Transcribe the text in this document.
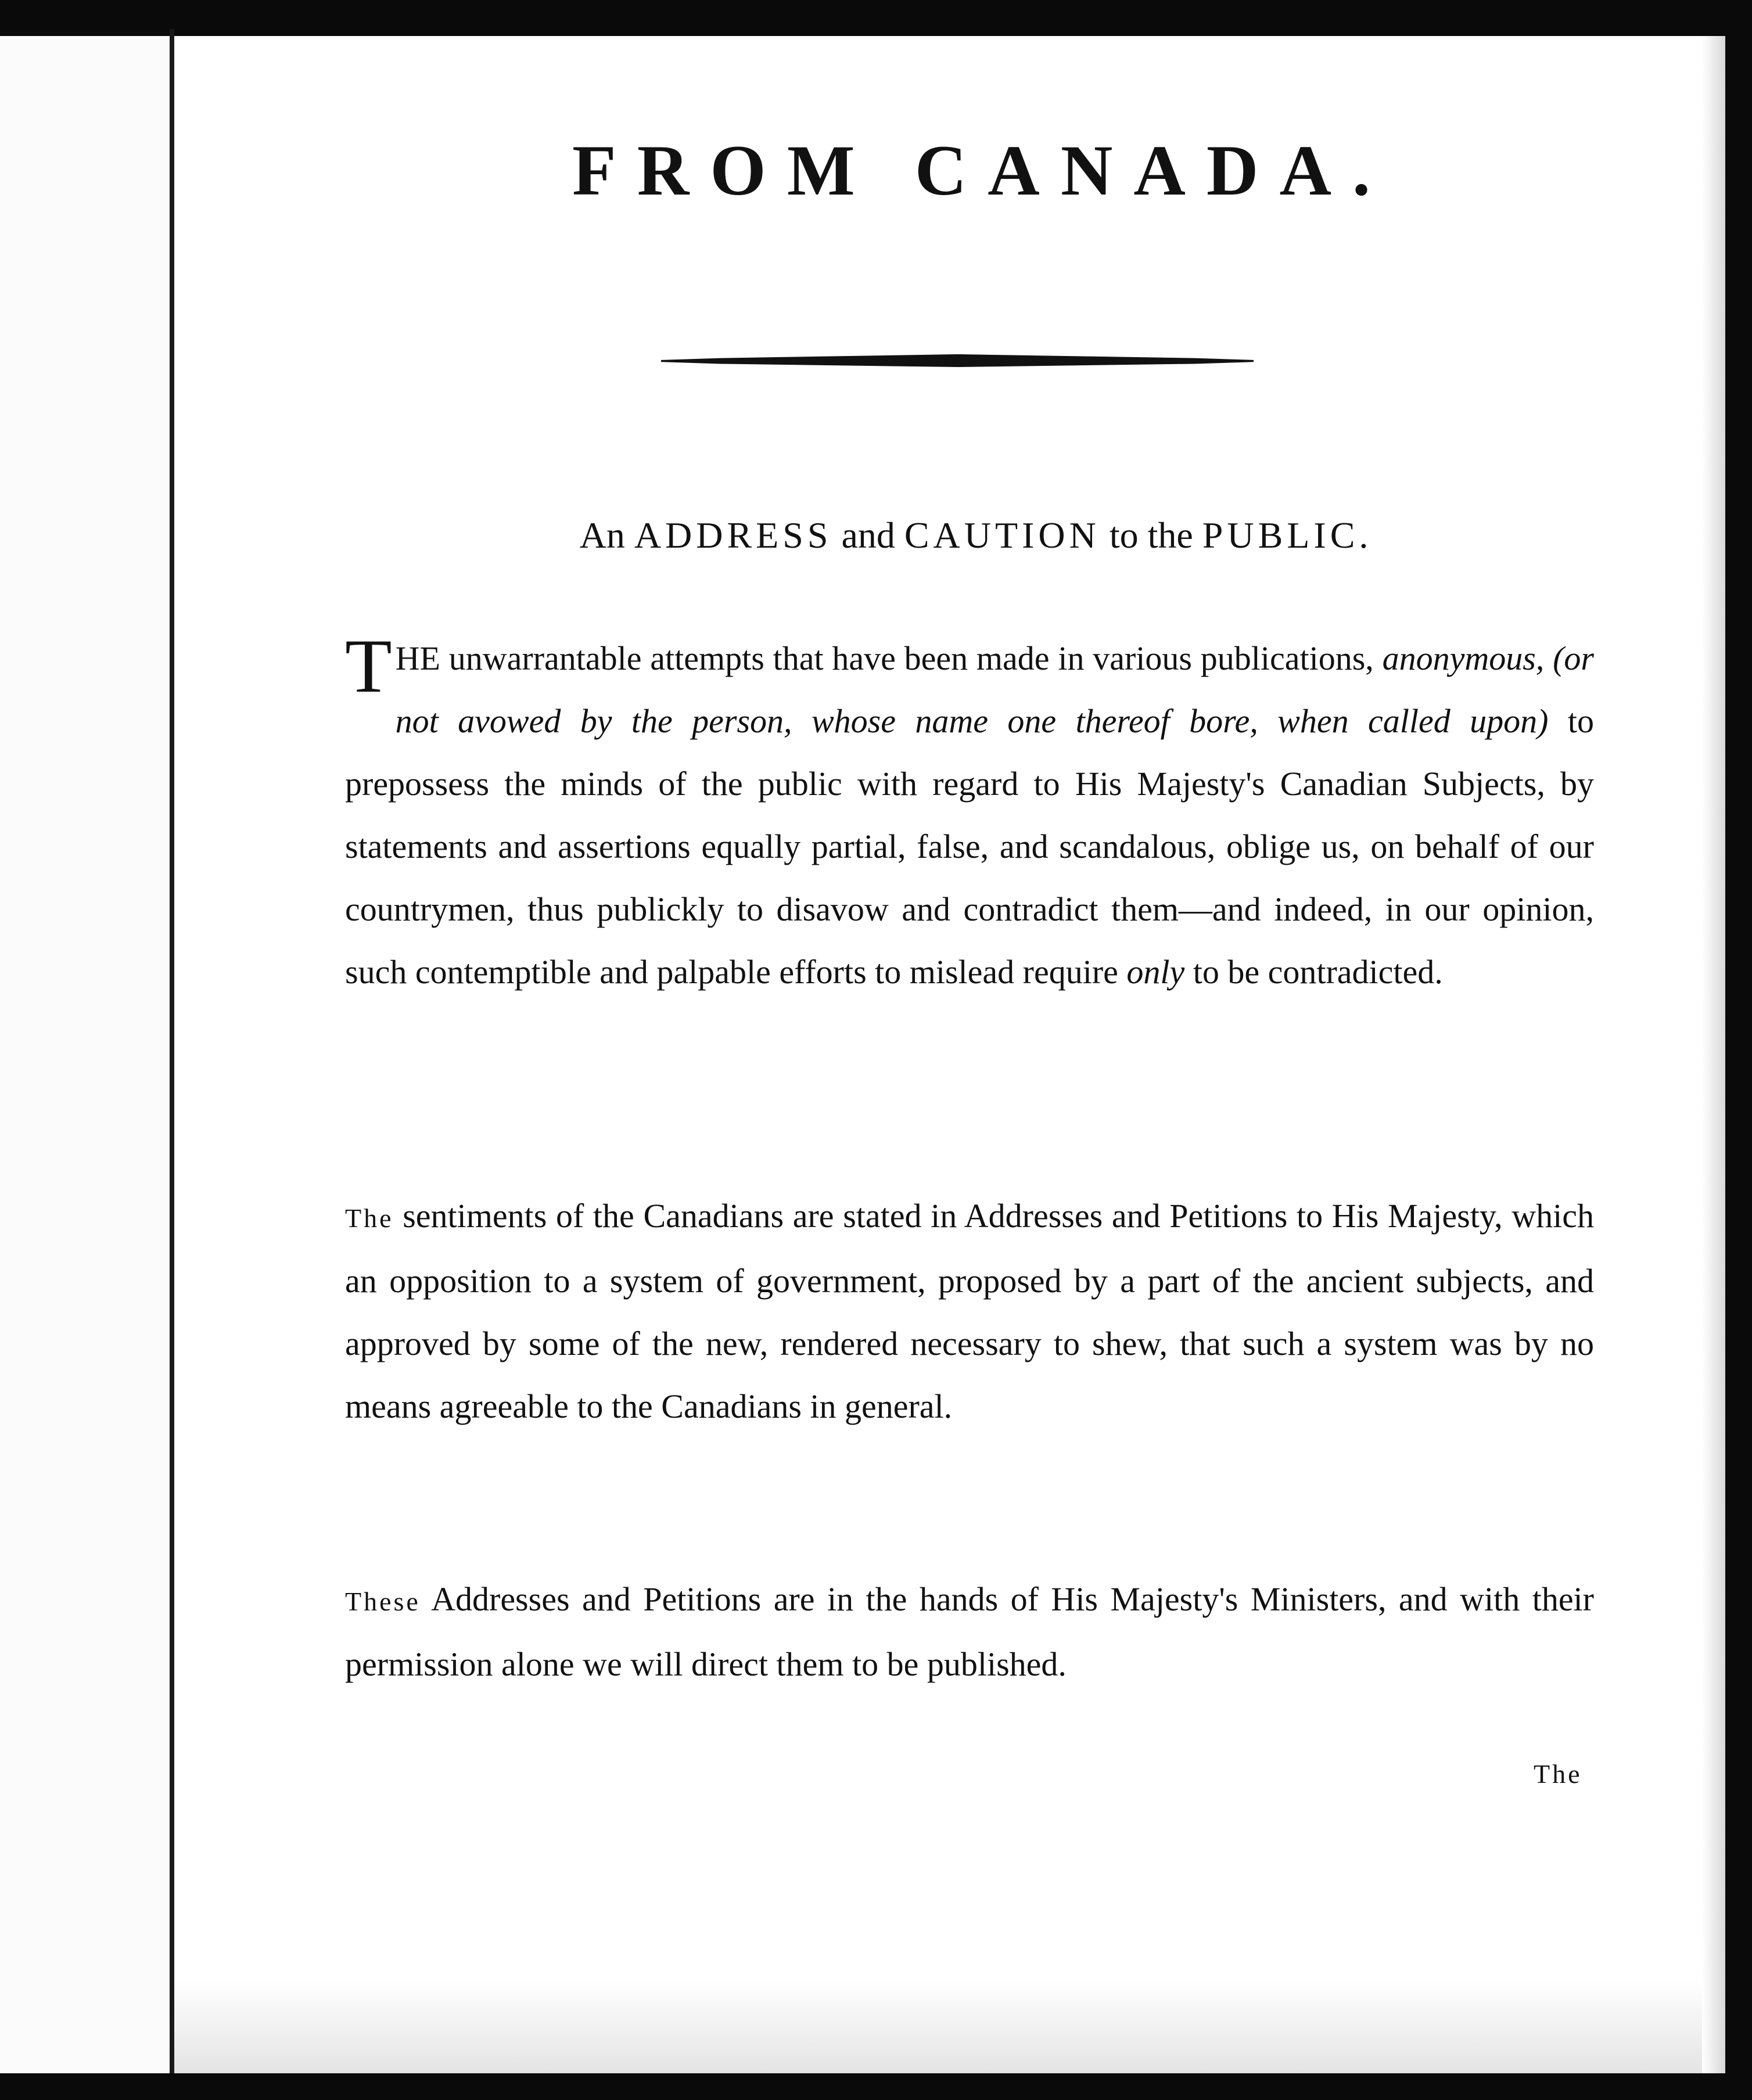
FROM CANADA.
An ADDRESS and CAUTION to the PUBLIC.
THE unwarrantable attempts that have been made in various publications, anonymous, (or not avowed by the person, whose name one thereof bore, when called upon) to prepossess the minds of the public with regard to His Majesty's Canadian Subjects, by statements and assertions equally partial, false, and scandalous, oblige us, on behalf of our countrymen, thus publickly to disavow and contradict them—and indeed, in our opinion, such contemptible and palpable efforts to mislead require only to be contradicted.
The sentiments of the Canadians are stated in Addresses and Petitions to His Majesty, which an opposition to a system of government, proposed by a part of the ancient subjects, and approved by some of the new, rendered necessary to shew, that such a system was by no means agreeable to the Canadians in general.
These Addresses and Petitions are in the hands of His Majesty's Ministers, and with their permission alone we will direct them to be published.
The
